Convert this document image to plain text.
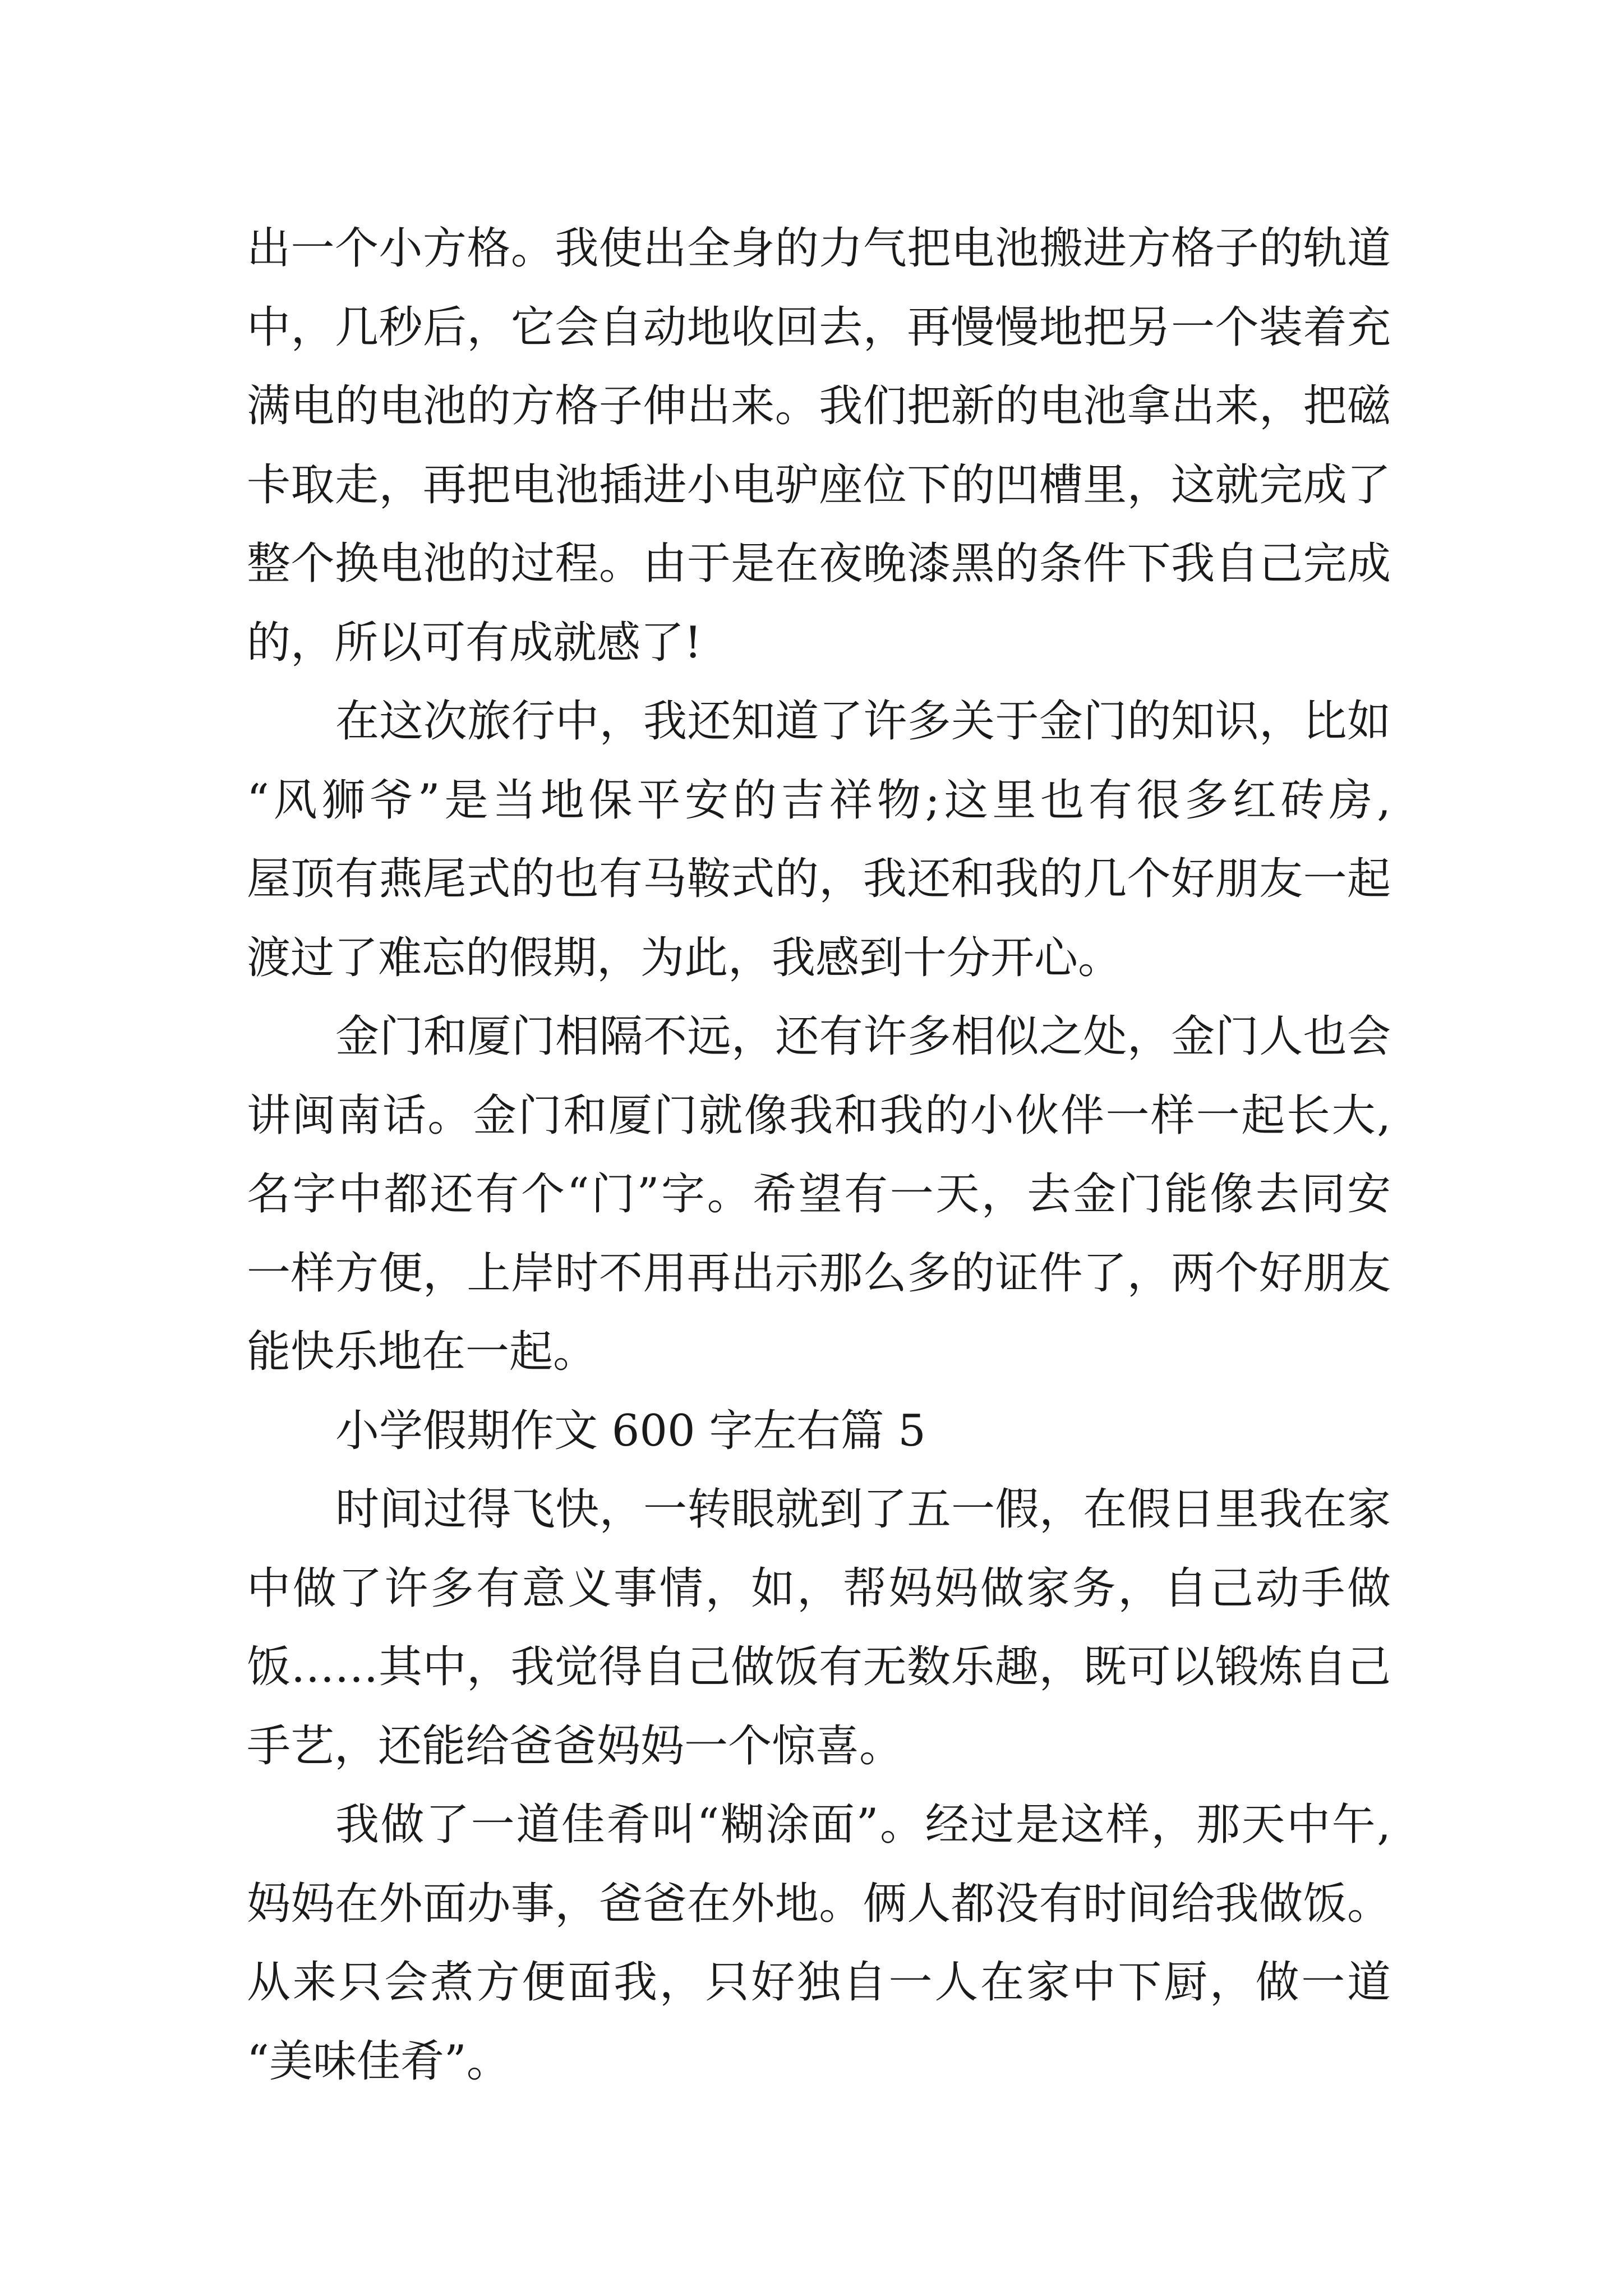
出一个小方格。我使出全身的力气把电池搬进方格子的轨道
中，几秒后，它会自动地收回去，再慢慢地把另一个装着充
满电的电池的方格子伸出来。我们把新的电池拿出来，把磁
卡取走，再把电池插进小电驴座位下的凹槽里，这就完成了
整个换电池的过程。由于是在夜晚漆黑的条件下我自己完成
的，所以可有成就感了!
在这次旅行中，我还知道了许多关于金门的知识，比如
“风狮爷”是当地保平安的吉祥物;这里也有很多红砖房,
屋顶有燕尾式的也有马鞍式的，我还和我的几个好朋友一起
渡过了难忘的假期，为此，我感到十分开心。
金门和厦门相隔不远，还有许多相似之处，金门人也会
讲闽南话。金门和厦门就像我和我的小伙伴一样一起长大,
名字中都还有个“门”字。希望有一天，去金门能像去同安
一样方便，上岸时不用再出示那么多的证件了，两个好朋友
能快乐地在一起。
小学假期作文 600 字左右篇 5
时间过得飞快，一转眼就到了五一假，在假日里我在家
中做了许多有意义事情，如，帮妈妈做家务，自己动手做
饭……其中，我觉得自己做饭有无数乐趣，既可以锻炼自己
手艺，还能给爸爸妈妈一个惊喜。
我做了一道佳肴叫“糊涂面”。经过是这样，那天中午,
妈妈在外面办事，爸爸在外地。俩人都没有时间给我做饭。
从来只会煮方便面我，只好独自一人在家中下厨，做一道
“美味佳肴”。
